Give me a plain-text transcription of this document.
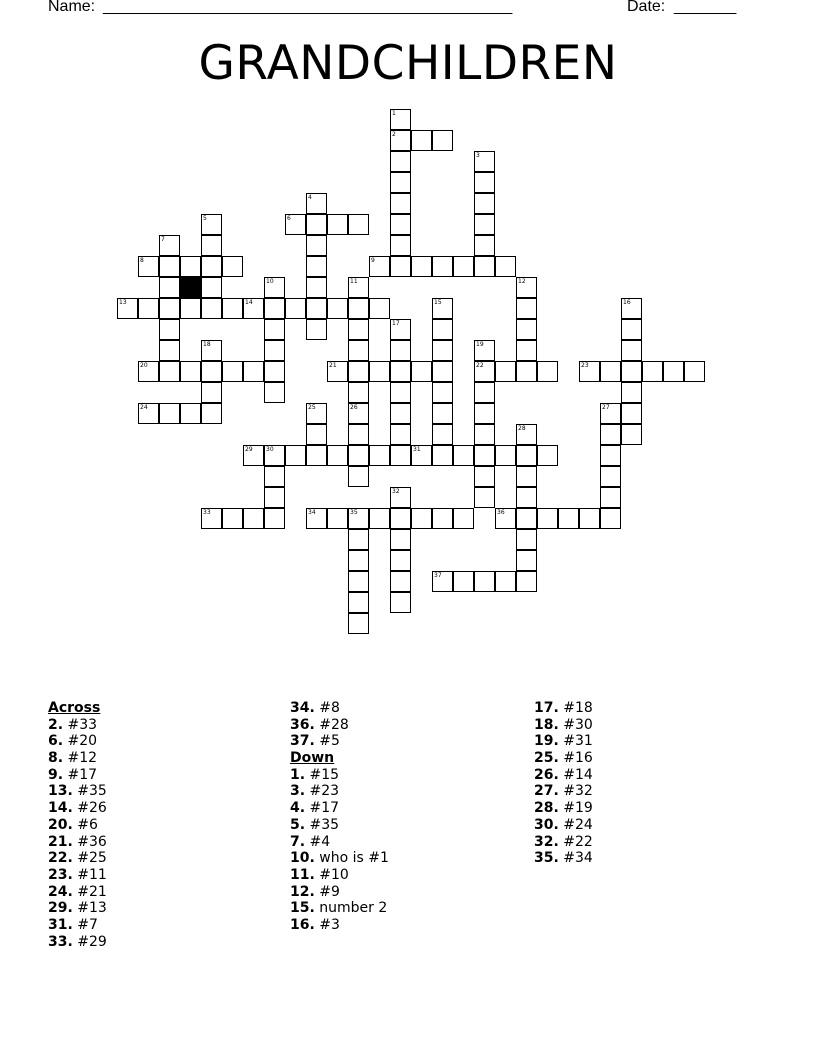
Name: ______________________________________________	Date: _______
GRANDCHILDREN
1
2
3
4
5	6
7
8	9
10	11	12
13	14	15	16
17
18	19
20	21	22	23
24	25	26	27
28
29 30	31
32
33	34	35	36
37
Across
2. #33
6. #20
8. #12
9. #17
13. #35
14. #26
20. #6
21. #36
22. #25
23. #11
24. #21
29. #13
31. #7
33. #29
34. #8
36. #28
37. #5
Down
1. #15
3. #23
4. #17
5. #35
7. #4
10. who is #1
11. #10
12. #9
15. number 2
16. #3
17. #18
18. #30
19. #31
25. #16
26. #14
27. #32
28. #19
30. #24
32. #22
35. #34
